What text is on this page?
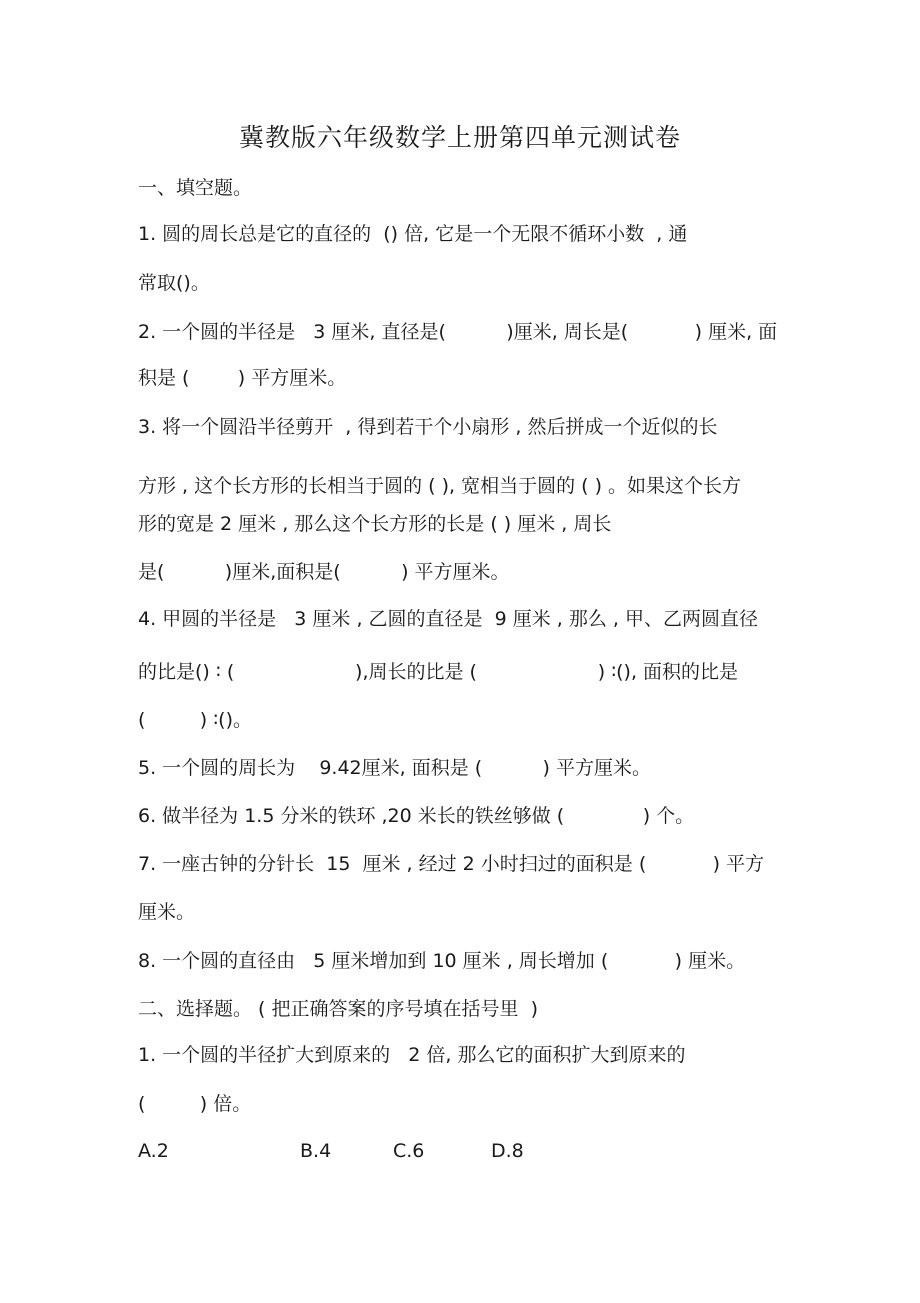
冀教版六年级数学上册第四单元测试卷
一、填空题。
1. 圆的周长总是它的直径的  () 倍, 它是一个无限不循环小数  , 通
常取()。
2. 一个圆的半径是   3 厘米, 直径是(          )厘米, 周长是(           ) 厘米, 面
积是 (        ) 平方厘米。
3. 将一个圆沿半径剪开  , 得到若干个小扇形 , 然后拼成一个近似的长
方形 , 这个长方形的长相当于圆的 ( ), 宽相当于圆的 ( ) 。如果这个长方
形的宽是 2 厘米 , 那么这个长方形的长是 ( ) 厘米 , 周长
是(          )厘米,面积是(          ) 平方厘米。
4. 甲圆的半径是   3 厘米 , 乙圆的直径是  9 厘米 , 那么 , 甲、乙两圆直径
的比是() ∶ (                    ),周长的比是 (                    ) ∶(), 面积的比是
(         ) ∶()。
5. 一个圆的周长为    9.42厘米, 面积是 (          ) 平方厘米。
6. 做半径为 1.5 分米的铁环 ,20 米长的铁丝够做 (             ) 个。
7. 一座古钟的分针长  15  厘米 , 经过 2 小时扫过的面积是 (           ) 平方
厘米。
8. 一个圆的直径由   5 厘米增加到 10 厘米 , 周长增加 (           ) 厘米。
二、选择题。 ( 把正确答案的序号填在括号里  )
1. 一个圆的半径扩大到原来的   2 倍, 那么它的面积扩大到原来的
(         ) 倍。
A.2	B.4	C.6	D.8
